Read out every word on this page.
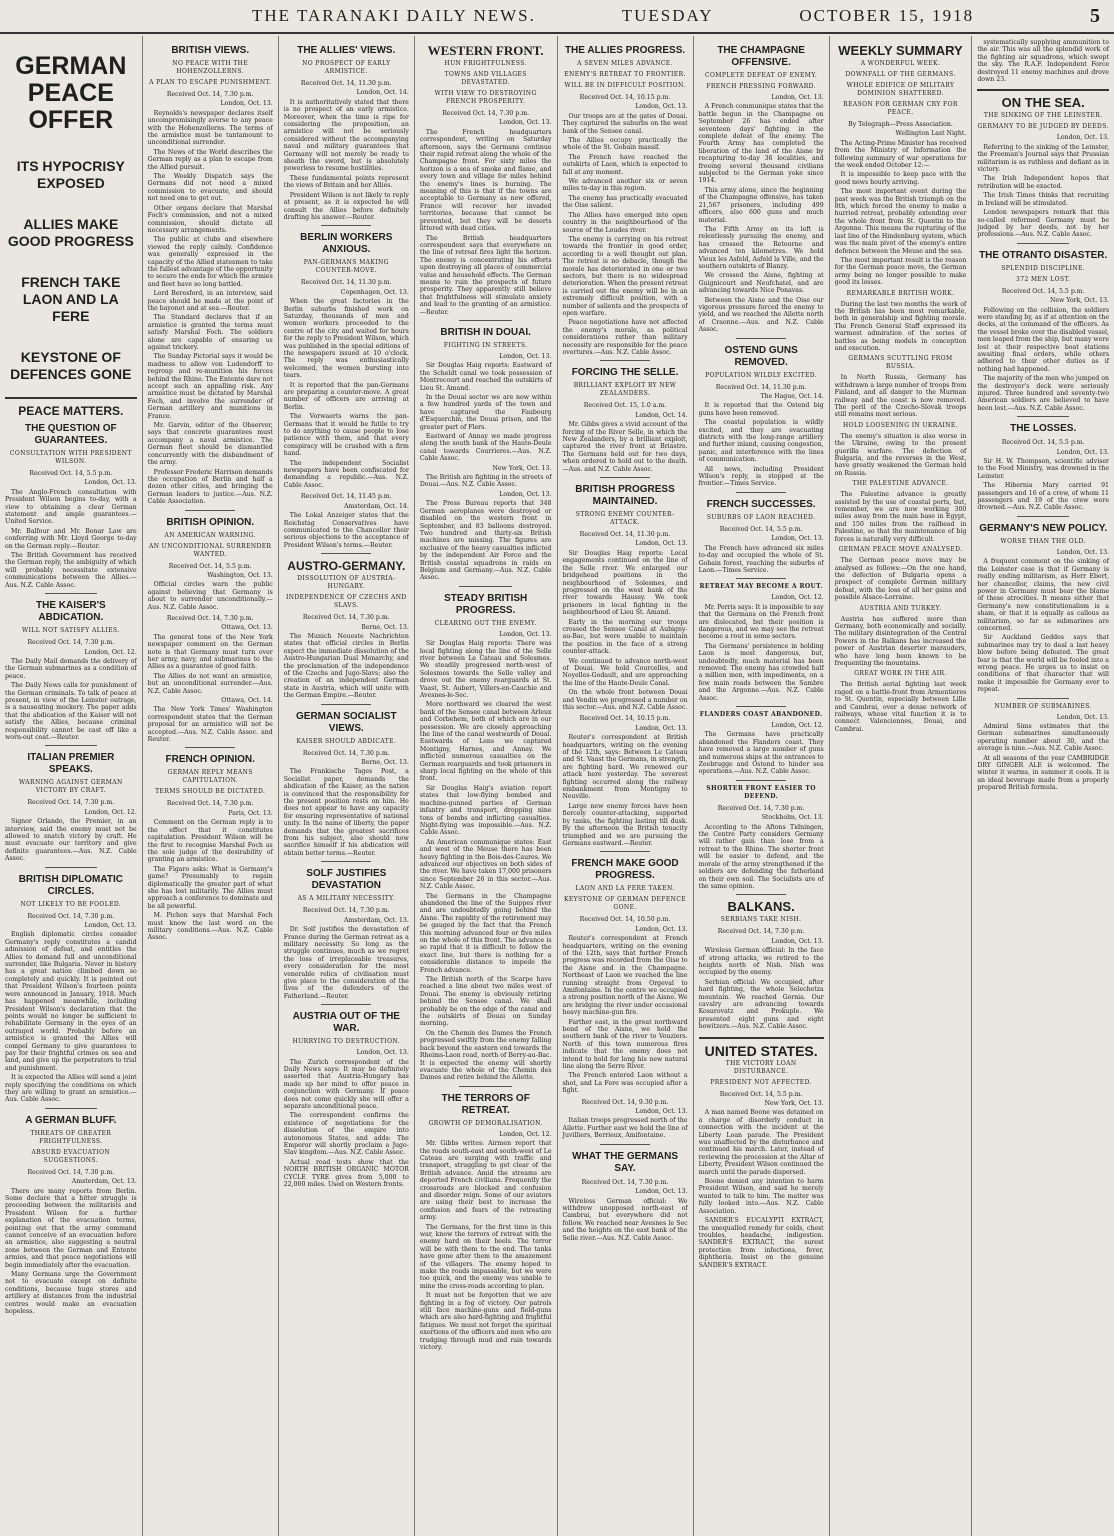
THE TARANAKI DAILY NEWS.	TUESDAY	OCTOBER 15, 1918	5
GERMAN PEACE OFFER
ITS HYPOCRISY EXPOSED
ALLIES MAKE GOOD PROGRESS
FRENCH TAKE LAON AND LA FERE
KEYSTONE OF DEFENCES GONE
PEACE MATTERS.
THE QUESTION OF GUARANTEES.
CONSULTATION WITH PRESIDENT WILSON.

Received Oct. 14, 5.5 p.m.

London, Oct. 13.

The Anglo-French consultation with President Wilson begins to-day, with a view to obtaining a clear German statement and ample guarantees.—United Service.

Mr. Balfour and Mr. Bonar Law are conferring with Mr. Lloyd George to-day on the German reply.—Reuter.

The British Government has received the German reply, the ambiguity of which will probably necessitate extensive communications between the Allies.—Aus. N.Z. Cable Assoc.

THE KAISER'S ABDICATION.
WILL NOT SATISFY ALLIES.

Received Oct. 14, 7.30 p.m.

London, Oct. 12.

The Daily Mail demands the delivery of the German submarines as a condition of peace.

The Daily News calls for punishment of the German criminals. To talk of peace at present, in view of the Leinster outrage, is a nauseating mockery. The paper adds that the abdication of the Kaiser will not satisfy the Allies, because criminal responsibility cannot be cast off like a worn-out coat.—Reuter.

ITALIAN PREMIER SPEAKS.
WARNING AGAINST GERMAN VICTORY BY CRAFT.

Received Oct. 14, 7.30 p.m.

London, Oct. 12.

Signor Orlando, the Premier, in an interview, said the enemy must not be allowed to snatch victory by craft. He must evacuate our territory and give definite guarantees.—Aus. N.Z. Cable Assoc.

BRITISH DIPLOMATIC CIRCLES.
NOT LIKELY TO BE FOOLED.

Received Oct. 14, 7.30 p.m.

London, Oct. 13.

English diplomatic circles consider Germany's reply constitutes a candid admission of defeat, and entitles the Allies to demand full and unconditional surrender, like Bulgaria. Never in history has a great nation climbed down so completely and quickly. It is pointed out that President Wilson's fourteen points were announced in January, 1918. Much has happened meanwhile, including President Wilson's declaration that the points would no longer be sufficient to rehabilitate Germany in the eyes of an outraged world. Probably before an armistice is granted the Allies will compel Germany to give guarantees to pay for their frightful crimes on sea and land, and give up the perpetrators to trial and punishment.

It is expected the Allies will send a joint reply specifying the conditions on which they are willing to grant an armistice.—Aus. Cable Assoc.

A GERMAN BLUFF.
THREATS OF GREATER FRIGHTFULNESS.
ABSURD EVACUATION SUGGESTIONS.

Received Oct. 14, 7.30 p.m.

Amsterdam, Oct. 13.

There are many reports from Berlin. Some declare that a bitter struggle is proceeding between the militarists and President Wilson for a further explanation of the evacuation terms, pointing out that the army command cannot conceive of an evacuation before an armistice, also suggesting a neutral zone between the German and Entente armies, and that peace negotiations will begin immediately after the evacuation.

Many Germans urge the Government not to evacuate except on definite conditions, because huge stores and artillery at distances from the industrial centres would make an evacuation hopeless.

BRITISH VIEWS.
NO PEACE WITH THE HOHENZOLLERNS.
A PLAN TO ESCAPE PUNISHMENT.

Received Oct. 14, 7.30 p.m.

London, Oct. 13.

Reynolds's newspaper declares itself uncompromisingly averse to any peace with the Hohenzollerns. The terms of the armistice must be tantamount to unconditional surrender.

The News of the World describes the German reply as a plan to escape from the Allied pursuit.

The Weekly Dispatch says the Germans did not need a mixed commission to evacuate, and should not need one to get out.

Other organs declare that Marshal Foch's commission, and not a mixed commission, should dictate all necessary arrangements.

The public at clubs and elsewhere viewed the reply calmly. Confidence was generally expressed in the capacity of the Allied statesmen to take the fullest advantage of the opportunity to secure the ends for which the armies and fleet have so long battled.

Lord Beresford, in an interview, said peace should be made at the point of the bayonet and at sea.—Reuter.

The Standard declares that if an armistice is granted the terms must satisfy Marshal Foch. The soldiers alone are capable of ensuring us against trickery.

The Sunday Pictorial says it would be madness to allow von Ludendorff to regroup and re-munition his forces behind the Rhine. The Entente dare not accept such an appalling risk. Any armistice must be dictated by Marshal Foch, and involve the surrender of German artillery and munitions in France.

Mr. Garvin, editor of the Observer, says that concrete guarantees must accompany a naval armistice. The German fleet should be dismantled concurrently with the disbandment of the army.

Professor Frederic Harrison demands the occupation of Berlin and half a dozen other cities, and bringing the German leaders to justice.—Aus. N.Z. Cable Association.

BRITISH OPINION.
AN AMERICAN WARNING.
AN UNCONDITIONAL SURRENDER WANTED.

Received Oct. 14, 5.5 p.m.

Washington, Oct. 13.

Official circles warn the public against believing that Germany is about to surrender unconditionally.—Aus. N.Z. Cable Assoc.

Received Oct. 14, 7.30 p.m.

Ottawa, Oct. 13.

The general tone of the New York newspaper comment on the German note is that Germany must turn over her army, navy, and submarines to the Allies as a guarantee of good faith.

The Allies do not want an armistice, but an unconditional surrender.—Aus. N.Z. Cable Assoc.

Ottawa, Oct. 14.

The New York Times' Washington correspondent states that the German proposal for an armistice will not be accepted.—Aus. N.Z. Cable Assoc. and Reuter.

FRENCH OPINION.
GERMAN REPLY MEANS CAPITULATION.
TERMS SHOULD BE DICTATED.

Received Oct. 14, 7.30 p.m.

Paris, Oct. 13.

Comment on the German reply is to the effect that it constitutes capitulation. President Wilson will be the first to recognise Marshal Foch as the sole judge of the desirability of granting an armistice.

The Figaro asks: What is Germany's game? Presumably to regain diplomatically the greater part of what she has lost militarily. The Allies must approach a conference to dominate and be all powerful.

M. Pichon says that Marshal Foch must know the last word on the military conditions.—Aus. N.Z. Cable Assoc.

THE ALLIES' VIEWS.
NO PROSPECT OF EARLY ARMISTICE.

Received Oct. 14, 11.30 p.m.

London, Oct. 14.

It is authoritatively stated that there is no prospect of an early armistice. Moreover, when the time is ripe for considering the proposition, an armistice will not be seriously considered without the accompanying naval and military guarantees that Germany will not merely be ready to sheath the sword, but is absolutely powerless to resume hostilities.

These fundamental points represent the views of Britain and her Allies.

President Wilson is not likely to reply at present, as it is expected he will consult the Allies before definitely drafting his answer.—Reuter.

BERLIN WORKERS ANXIOUS.
PAN-GERMANS MAKING COUNTER-MOVE.

Received Oct. 14, 11.30 p.m.

Copenhagen, Oct. 13.

When the great factories in the Berlin suburbs finished work on Saturday, thousands of men and women workers proceeded to the centre of the city and waited for hours for the reply to President Wilson, which was published in the special editions of the newspapers issued at 10 o'clock. The reply was enthusiastically welcomed, the women bursting into tears.

It is reported that the pan-Germans are preparing a counter-move. A great number of officers are arriving at Berlin.

The Vorwaerts warns the pan-Germans that it would be futile to try to do anything to cause people to lose patience with them, and that every conspiracy will be crushed with a firm hand.

The independent Socialist newspapers have been confiscated for demanding a republic.—Aus. N.Z. Cable Assoc.

Received Oct. 14, 11.45 p.m.

Amsterdam, Oct. 14.

The Lokal Anzeiger states that the Reichstag Conservatives have communicated to the Chancellor their serious objections to the acceptance of President Wilson's terms.—Reuter.

AUSTRO-GERMANY.
DISSOLUTION OF AUSTRIA-HUNGARY.
INDEPENDENCE OF CZECHS AND SLAVS.

Received Oct. 14, 7.30 p.m.

Berne, Oct. 13.

The Munich Neueste Nachrichten states that official circles in Berlin expect the immediate dissolution of the Austro-Hungarian Dual Monarchy, and the proclamation of the independence of the Czechs and Jugo-Slavs; also the creation of an independent German state in Austria, which will unite with the German Empire.—Reuter.

GERMAN SOCIALIST VIEWS.
KAISER SHOULD ABDICATE.

Received Oct. 14, 7.30 p.m.

Berne, Oct. 13.

The Frankische Tages Post, a Socialist paper, demands the abdication of the Kaiser, as the nation is convinced that the responsibility for the present position rests on him. He does not appear to have any capacity for ensuring representative of national unity. In the name of liberty, the paper demands that the greatest sacrifices from his subject, also should now sacrifice himself if his abdication will obtain better terms.—Reuter.

SOLF JUSTIFIES DEVASTATION
AS A MILITARY NECESSITY.

Received Oct. 14, 7.30 p.m.

Amsterdam, Oct. 13.

Dr. Solf justifies the devastation of France during the German retreat as a military necessity. So long as the struggle continues, much as we regret the loss of irreplaceable treasures, every consideration for the most venerable relics of civilisation must give place to the consideration of the lives of the defenders of the Fatherland.—Reuter.

AUSTRIA OUT OF THE WAR.
HURRYING TO DESTRUCTION.

London, Oct. 13.

The Zurich correspondent of the Daily News says: It may be definitely asserted that Austria-Hungary has made up her mind to offer peace in conjunction with Germany. If peace does not come quickly she will offer a separate unconditional peace.

The correspondent confirms the existence of negotiations for the dissolution of the empire into autonomous States, and adds: The Emperor will shortly proclaim a Jugo-Slav kingdom.—Aus. N.Z. Cable Assoc.

Actual road tests show that the NORTH BRITISH ORGANIC MOTOR CYCLE TYRE gives from 5,000 to 22,000 miles. Used on Western fronts.

WESTERN FRONT.
HUN FRIGHTFULNESS.
TOWNS AND VILLAGES DEVASTATED.
WITH VIEW TO DESTROYING FRENCH PROSPERITY.

Received Oct. 14, 7.30 p.m.

London, Oct. 13.

The French headquarters correspondent, writing on Saturday afternoon, says the Germans continue their rapid retreat along the whole of the Champagne front. For sixty miles the horizon is a sea of smoke and flame, and every town and village for miles behind the enemy's lines is burning. The meaning of this is that if the towns are acceptable to Germany as new offered, France will recover her invaded territories, because that cannot be prevented, but they will be deserts littered with dead cities.

The British headquarters correspondent says that everywhere on the line of retreat fires light the horizon. The enemy is concentrating his efforts upon destroying all places of commercial value and household effects. The German means to ruin the prospects of future prosperity. They apparently still believe that frightfulness will stimulate anxiety and lead to the granting of an armistice.—Reuter.

BRITISH IN DOUAI.
FIGHTING IN STREETS.

London, Oct. 13.

Sir Douglas Haig reports: Eastward of the Scheldt canal we took possession of Montrecourt and reached the outskirts of Lieu St. Amand.

In the Douai sector we are now within a few hundred yards of the town and have captured the Faubourg d'Esquerchin, the Douai prison, and the greater part of Flers.

Eastward of Annay we made progress along the south bank of the Haute-Deule canal towards Courrieres.—Aus. N.Z. Cable Assoc.

New York, Oct. 13.

The British are fighting in the streets of Douai.—Aus. N.Z. Cable Assoc.

London, Oct. 13.

The Press Bureau reports that 348 German aeroplanes were destroyed or disabled on the western front in September, and 83 balloons destroyed. Two hundred and thirty-six British machines are missing. The figures are exclusive of the heavy casualties inflicted by the independent Air Force and the British coastal squadrons in raids on Belgium and Germany.—Aus. N.Z. Cable Assoc.

STEADY BRITISH PROGRESS.
CLEARING OUT THE ENEMY.

London, Oct. 13.

Sir Douglas Haig reports: There was local fighting along the line of the Selle river between Le Cateau and Solesmes. We steadily progressed north-west of Solesmes towards the Selle valley and drove out the enemy rearguards at St. Vaast, St. Aubert, Villers-en-Cauchie and Avesnes-le-Sec.

More northward we cleared the west bank of the Sensee canal between Arleux and Corbehem, both of which are in our possession. We are closely approaching the line of the canal westwards of Douai. Eastwards of Lens we captured Montigny, Harnes, and Annay. We inflicted numerous casualties on the German rearguards and took prisoners in sharp local fighting on the whole of this front.

Sir Douglas Haig's aviation report states that low-flying bombed and machine-gunned parties of German infantry and transport, dropping nine tons of bombs and inflicting casualties. Night-flying was impossible.—Aus. N.Z. Cable Assoc.

An American communique states: East and west of the Meuse there has been heavy fighting in the Bois-des-Caures. We advanced our objectives on both sides of the river. We have taken 17,000 prisoners since September 26 in this sector.—Aus. N.Z. Cable Assoc.

The Germans in the Champagne abandoned the line of the Suippes river and are undoubtedly going behind the Aisne. The rapidity of the retirement may be gauged by the fact that the French this morning advanced four or five miles on the whole of this front. The advance is so rapid that it is difficult to follow the exact line, but there is nothing for a considerable distance to impede the French advance.

The British north of the Scarpe have reached a line about two miles west of Douai. The enemy is obviously retiring behind the Sensee canal. We shall probably be on the edge of the canal and the outskirts of Douai on Sunday morning.

On the Chemin des Dames the French progressed swiftly from the enemy falling back beyond the eastern end towards the Rheims-Laon road, north of Berry-au-Bac. It is expected the enemy will shortly evacuate the whole of the Chemin des Dames and retire behind the Ailette.

THE TERRORS OF RETREAT.
GROWTH OF DEMORALISATION.

London, Oct. 12.

Mr. Gibbs writes: Airmen report that the roads south-east and south-west of Le Cateau are surging with traffic and transport, struggling to get clear of the British advance. Amid the streams are deported French civilians. Frequently the crossroads are blocked and confusion and disorder reign. Some of our aviators are using their best to increase the confusion and fears of the retreating army.

The Germans, for the first time in this war, know the terrors of retreat with the enemy hard on their heels. The terror will be with them to the end. The tanks have gone after them to the amazement of the villagers. The enemy hoped to make the roads impassable, but we were too quick, and the enemy was unable to mine the cross-roads according to plan.

It must not be forgotten that we are fighting in a fog of victory. Our patrols still face machine-guns and field-guns which are also hard-fighting and frightful fatigues. We must not forget the spiritual exertions of the officers and men who are trudging through mud and rain towards victory.

THE ALLIES PROGRESS.
A SEVEN MILES ADVANCE.
ENEMY'S RETREAT TO FRONTIER.
WILL BE IN DIFFICULT POSITION.

Received Oct. 14, 10.15 p.m.

London, Oct. 13.

Our troops are at the gates of Douai. They captured the suburbs on the west bank of the Sensee canal.

The Allies occupy practically the whole of the St. Gobain massif.

The French have reached the outskirts of Laon, which is expected to fall at any moment.

We advanced another six or seven miles to-day in this region.

The enemy has practically evacuated the Oise salient.

The Allies have emerged into open country in the neighbourhood of the source of the Loudes river.

The enemy is carrying on his retreat towards the frontier in good order, according to a well thought out plan. The retreat is no debacle, though the morale has deteriorated in one or two sectors, but there is no widespread deterioration. When the present retreat is carried out the enemy will be in an extremely difficult position, with a number of salients and the prospects of open warfare.

Peace negotiations have not affected the enemy's morale, as political considerations rather than military necessity are responsible for the peace overtures.—Aus. N.Z. Cable Assoc.

FORCING THE SELLE.
BRILLIANT EXPLOIT BY NEW ZEALANDERS.

Received Oct. 15, 1.0 a.m.

London, Oct. 14.

Mr. Gibbs gives a vivid account of the forcing of the River Selle, in which the New Zealanders, by a brilliant exploit, captured the river front at Briastre. The Germans held out for two days, when ordered to hold out to the death.—Aus. and N.Z. Cable Assoc.

BRITISH PROGRESS MAINTAINED.
STRONG ENEMY COUNTER-ATTACK.

Received Oct. 14, 11.30 p.m.

London, Oct. 13.

Sir Douglas Haig reports: Local engagements continued on the line of the Selle river. We enlarged our bridgehead positions in the neighbourhood of Solesmes, and progressed on the west bank of the river towards Haussy. We took prisoners in local fighting in the neighbourhood of Lieu St. Amand.

Early in the morning our troops crossed the Sensee Canal at Aubigny-au-Bac, but were unable to maintain the position in the face of a strong counter-attack.

We continued to advance north-west of Douai. We hold Courcelles, and Noyelles-Godault, and are approaching the line of the Haute-Deule Canal.

On the whole front between Douai and Vendin we progressed a number on this sector.—Aus. and N.Z. Cable Assoc.

Received Oct. 14, 10.15 p.m.

London, Oct. 13.

Reuter's correspondent at British headquarters, writing on the evening of the 12th, says: Between Le Cateau and St. Vaast the Germans, in strength, are fighting hard. We renewed our attack here yesterday. The severest fighting occurred along the railway embankment from Montigny to Neuville.

Large new enemy forces have been fiercely counter-attacking, supported by tanks, the fighting lasting till dusk. By the afternoon the British tenacity triumphed and we are pursuing the Germans eastward.—Reuter.

FRENCH MAKE GOOD PROGRESS.
LAON AND LA FERE TAKEN.
KEYSTONE OF GERMAN DEFENCE GONE.

Received Oct. 14, 10.50 p.m.

London, Oct. 13.

Reuter's correspondent at French headquarters, writing on the evening of the 12th, says that further French progress was recorded from the Oise to the Aisne and in the Champagne. Northeast of Laon we reached the line running straight from Orgeval to Amifontaine. In the centre we occupied a strong position north of the Aisne. We are bridging the river under occasional heavy machine-gun fire.

Farther east, in the great northward bend of the Aisne, we hold the southern bank of the river to Vouziers. North of this town numerous fires indicate that the enemy does not intend to hold for long his new natural line along the Serre River.

The French entered Laon without a shot, and La Fere was occupied after a fight.

Received Oct. 14, 9.30 p.m.

London, Oct. 13.

Italian troops progressed north of the Ailette. Further east we hold the line of Juvilliers, Berrieux, Amifontaine.

WHAT THE GERMANS SAY.

Received Oct. 14, 7.30 p.m.

London, Oct. 13.

Wireless German official: We withdrew unopposed north-east of Cambrai, but everywhere did not follow. We reached near Avesnes le Sec and the heights on the east bank of the Selle river.—Aus. N.Z. Cable Assoc.

THE CHAMPAGNE OFFENSIVE.
COMPLETE DEFEAT OF ENEMY.
FRENCH PRESSING FORWARD.

London, Oct. 13.

A French communique states that the battle begun in the Champagne on September 26 has ended after seventeen days' fighting in the complete defeat of the enemy. The Fourth Army has completed the liberation of the land of the Aisne by recapturing to-day 36 localities, and freeing several thousand civilians subjected to the German yoke since 1914.

This army alone, since the beginning of the Champagne offensive, has taken 21,567 prisoners, including 499 officers, also 600 guns and much material.

The Fifth Army on its left is relentlessly pursuing the enemy, and has crossed the Retourne and advanced ten kilometres. We hold Vieux les Asfeld, Asfeld la Ville, and the southern outskirts of Blanzy.

We crossed the Aisne, fighting at Guignicourt and Neufchatel, and are advancing towards Nice Ponavas.

Between the Aisne and the Oise our vigorous pressure forced the enemy to yield, and we reached the Ailette north of Craonne.—Aus. and N.Z. Cable Assoc.

OSTEND GUNS REMOVED.
POPULATION WILDLY EXCITED.

Received Oct. 14, 11.30 p.m.

The Hague, Oct. 14.

It is reported that the Ostend big guns have been removed.

The coastal population is wildly excited, and they are evacuating districts with the long-range artillery and further inland, causing congestion, panic, and interference with the lines of communication.

All news, including President Wilson's reply, is stopped at the frontier.—Times Service.

FRENCH SUCCESSES.
SUBURBS OF LAON REACHED.

Received Oct. 14, 5.5 p.m.

London, Oct. 13.

The French have advanced six miles to-day and occupied the whole of St. Gobain forest, reaching the suburbs of Laon.—Times Service.

RETREAT MAY BECOME A ROUT.

London, Oct. 12.

Mr. Perris says: It is impossible to say that the Germans on the French front are dislocated, but their position is dangerous, and we may see the retreat become a rout in some sectors.

The Germans' persistence in holding Laon is most dangerous, but, undoubtedly, much material has been removed. The enemy has crowded half a million men, with impedimenta, on a few main roads between the Sambre and the Argonne.—Aus. N.Z. Cable Assoc.

FLANDERS COAST ABANDONED.

London, Oct. 12.

The Germans have practically abandoned the Flanders coast. They have removed a large number of guns and numerous ships at the entrances to Zeebrugge and Ostend to hinder sea operations.—Aus. N.Z. Cable Assoc.

SHORTER FRONT EASIER TO DEFEND.

Received Oct. 14, 7.30 p.m.

Stockholm, Oct. 13.

According to the Aftons Tidningen, the Centre Party considers Germany will rather gain than lose from a retreat to the Rhine. The shorter front will be easier to defend, and the morale of the army strengthened if the soldiers are defending the fatherland on their own soil. The Socialists are of the same opinion.

BALKANS.
SERBIANS TAKE NISH.

Received Oct. 14, 7.30 p.m.

London, Oct. 13.

Wireless German official: In the face of strong attacks, we retired to the heights north of Nish. Nish was occupied by the enemy.

Serbian official: We occupied, after hard fighting, the whole Selechetza mountain. We reached Gornia. Our cavalry are advancing towards Kosurovatz and Prokuple. We presented eight guns and eight howitzers.—Aus. N.Z. Cable Assoc.

UNITED STATES.
THE VICTORY LOAN DISTURBANCE.
PRESIDENT NOT AFFECTED.

Received Oct. 14, 5.5 p.m.

New York, Oct. 13.

A man named Boone was detained on a charge of disorderly conduct in connection with the incident at the Liberty Loan parade. The President was unaffected by the disturbance and continued his march. Later, instead of reviewing the procession at the Altar of Liberty, President Wilson continued the march until the parade dispersed.

Boone denied any intention to harm President Wilson, and said he merely wanted to talk to him. The matter was fully looked into.—Aus. N.Z. Cable Association.

SANDER'S EUCALYPTI EXTRACT, the unequalled remedy for colds, chest troubles, headache, indigestion. SANDER'S EXTRACT, the surest protection from infections, fever, diphtheria. Insist on the genuine SANDER'S EXTRACT.

WEEKLY SUMMARY
A WONDERFUL WEEK.
DOWNFALL OF THE GERMANS.
WHOLE EDIFICE OF MILITARY DOMINION SHATTERED.
REASON FOR GERMAN CRY FOR PEACE.

By Telegraph—Press Association.

Wellington Last Night.

The Acting-Prime Minister has received from the Ministry of Information the following summary of war operations for the week ended October 12:—

It is impossible to keep pace with the good news hourly arriving.

The most important event during the past week was the British triumph on the 8th, which forced the enemy to make a hurried retreat, probably extending over the whole front from St. Quentin to the Argonne. This means the rupturing of the last line of the Hindenburg system, which was the main pivot of the enemy's entire defence between the Meuse and the sea.

The most important result is the reason for the German peace move, the German army being no longer possible to make good its losses.

REMARKABLE BRITISH WORK.

During the last two months the work of the British has been most remarkable, both in generalship and fighting morale. The French General Staff expressed its warmest admiration of the series of battles as being models in conception and execution.

GERMANS SCUTTLING FROM RUSSIA.

In North Russia, Germany has withdrawn a large number of troops from Finland, and all danger to the Murman railway and the coast is now removed. The peril of the Czecho-Slovak troops still remains most serious.

HOLD LOOSENING IN UKRAINE.

The enemy's situation is also worse in the Ukraine, owing to the present guerilla warfare. The defection of Bulgaria, and the reverses in the West, have greatly weakened the German hold on Russia.

THE PALESTINE ADVANCE.

The Palestine advance is greatly assisted by the use of coastal ports, but, remember, we are now working 300 miles away from the main base in Egypt, and 150 miles from the railhead in Palestine, so that the maintenance of big forces is naturally very difficult.

GERMAN PEACE MOVE ANALYSED.

The German peace move may be analysed as follows:—On the one hand, the defection of Bulgaria opens a prospect of complete German military defeat, with the loss of all her gains and possible Alsace-Lorraine.

AUSTRIA AND TURKEY.

Austria has suffered more than Germany, both economically and socially. The military disintegration of the Central Powers in the Balkans has increased the power of Austrian deserter marauders, who have long been known to be frequenting the mountains.

GREAT WORK IN THE AIR.

The British aerial fighting last week raged on a battle-front from Armentieres to St. Quentin, especially between Lille and Cambrai, over a dense network of railways, whose vital function it is to connect Valenciennes, Douai, and Cambrai.

systematically supplying ammunition to the air. This was all the splendid work of the fighting air squadrons, which swept the sky. The R.A.F. Independent Force destroyed 11 enemy machines and drove down 23.

ON THE SEA.
THE SINKING OF THE LEINSTER.
GERMANY TO BE JUDGED BY DEEDS.

London, Oct. 13.

Referring to the sinking of the Leinster, the Freeman's Journal says that Prussian militarism is as ruthless and defiant as in victory.

The Irish Independent hopes that retribution will be exacted.

The Irish Times thinks that recruiting in Ireland will be stimulated.

London newspapers remark that this so-called reformed Germany must be judged by her deeds, not by her professions.—Aus. N.Z. Cable Assoc.

THE OTRANTO DISASTER.
SPLENDID DISCIPLINE.
372 MEN LOST.

Received Oct. 14, 5.5 p.m.

New York, Oct. 13.

Following on the collision, the soldiers were standing by, as if at attention on the decks, at the command of the officers. As the vessel broke over the disabled vessel, men leaped from the ship, but many were lost at their respective boat stations awaiting final orders, while others adhered to their other duties as if nothing had happened.

The majority of the men who jumped on the destroyer's deck were seriously injured. Three hundred and seventy-two American soldiers are believed to have been lost.—Aus. N.Z. Cable Assoc.

THE LOSSES.

Received Oct. 14, 5.5 p.m.

London, Oct. 13.

Sir H. W. Thompson, scientific adviser to the Food Ministry, was drowned in the Leinster.

The Hibernia Mary carried 91 passengers and 16 of a crew, of whom 11 passengers and 19 of the crew were drowned.—Aus. N.Z. Cable Assoc.

GERMANY'S NEW POLICY.
WORSE THAN THE OLD.

London, Oct. 13.

A frequent comment on the sinking of the Leinster case is that if Germany is really ending militarism, as Herr Ebert, her chancellor, claims, the new civil power in Germany must bear the blame of these atrocities. It means either that Germany's new constitutionalism is a sham, or that it is equally as callous as militarism, so far as submarines are concerned.

Sir Auckland Geddes says that submarines may try to deal a last heavy blow before being defeated. The great fear is that the world will be fooled into a wrong peace. He urges us to insist on conditions of that character that will make it impossible for Germany ever to repeat.

NUMBER OF SUBMARINES.

London, Oct. 13.

Admiral Sims estimates that the German submarines simultaneously operating number about 30, and the average is nine.—Aus. N.Z. Cable Assoc.

At all seasons of the year CAMBRIDGE DRY GINGER ALE is welcomed. The winter it warms, in summer it cools. It is an ideal beverage made from a properly prepared British formula.
